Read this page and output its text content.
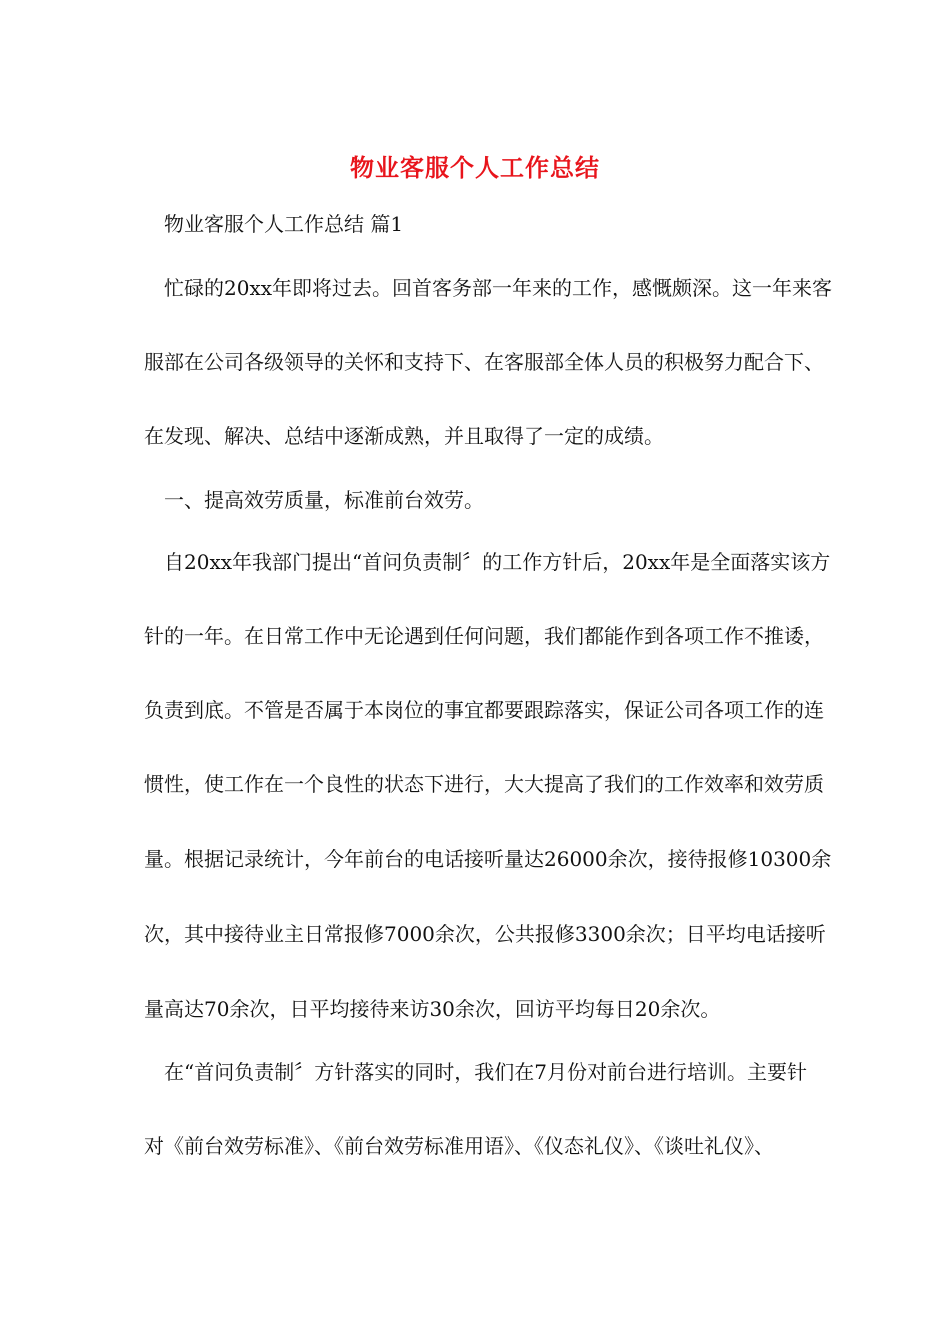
物业客服个人工作总结
物业客服个人工作总结 篇1
忙碌的20xx年即将过去。回首客务部一年来的工作，感慨颇深。这一年来客
服部在公司各级领导的关怀和支持下、在客服部全体人员的积极努力配合下、
在发现、解决、总结中逐渐成熟，并且取得了一定的成绩。
一、提高效劳质量，标准前台效劳。
自20xx年我部门提出“首问负责制〞的工作方针后，20xx年是全面落实该方
针的一年。在日常工作中无论遇到任何问题，我们都能作到各项工作不推诿，
负责到底。不管是否属于本岗位的事宜都要跟踪落实，保证公司各项工作的连
惯性，使工作在一个良性的状态下进行，大大提高了我们的工作效率和效劳质
量。根据记录统计，今年前台的电话接听量达26000余次，接待报修10300余
次，其中接待业主日常报修7000余次，公共报修3300余次；日平均电话接听
量高达70余次，日平均接待来访30余次，回访平均每日20余次。
在“首问负责制〞方针落实的同时，我们在7月份对前台进行培训。主要针
对《前台效劳标准》、《前台效劳标准用语》、《仪态礼仪》、《谈吐礼仪》、
